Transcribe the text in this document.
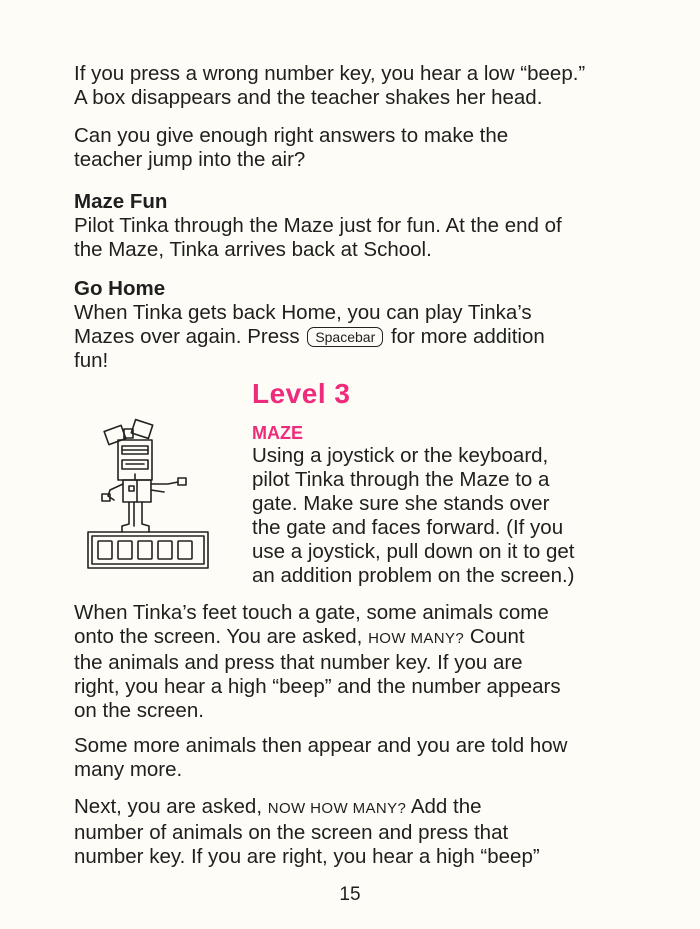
If you press a wrong number key, you hear a low “beep.”

A box disappears and the teacher shakes her head.

Can you give enough right answers to make the

teacher jump into the air?

Maze Fun

Pilot Tinka through the Maze just for fun. At the end of

the Maze, Tinka arrives back at School.

Go Home

When Tinka gets back Home, you can play Tinka’s

Mazes over again. Press Spacebar for more addition

fun!

Level 3
MAZE

Using a joystick or the keyboard,

pilot Tinka through the Maze to a

gate. Make sure she stands over

the gate and faces forward. (If you

use a joystick, pull down on it to get

an addition problem on the screen.)

When Tinka’s feet touch a gate, some animals come

onto the screen. You are asked, HOW MANY? Count

the animals and press that number key. If you are

right, you hear a high “beep” and the number appears

on the screen.

Some more animals then appear and you are told how

many more.

Next, you are asked, NOW HOW MANY? Add the

number of animals on the screen and press that

number key. If you are right, you hear a high “beep”

15
